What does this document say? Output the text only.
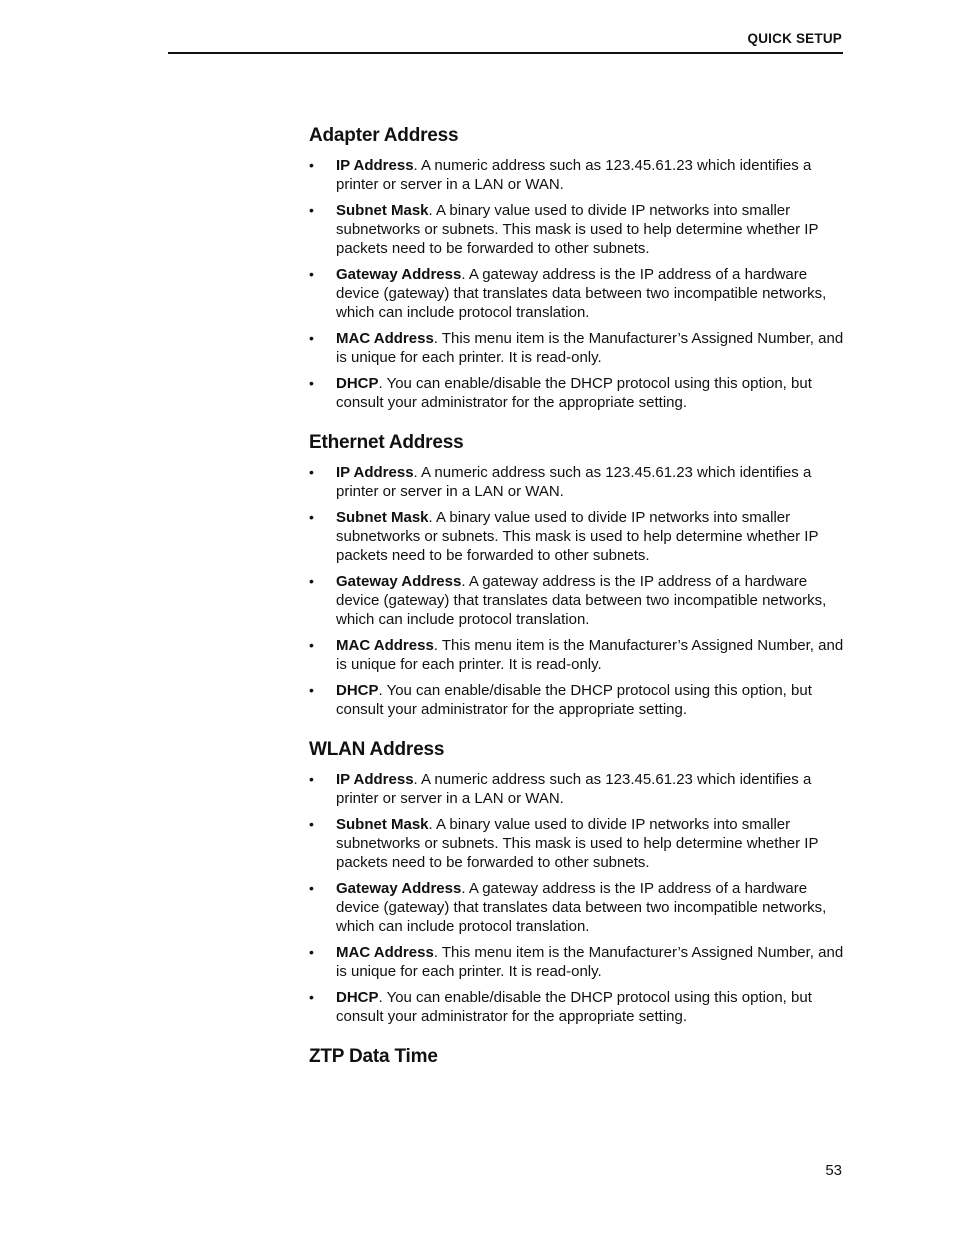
QUICK SETUP
Adapter Address
• IP Address. A numeric address such as 123.45.61.23 which identifies a printer or server in a LAN or WAN.
• Subnet Mask. A binary value used to divide IP networks into smaller subnetworks or subnets. This mask is used to help determine whether IP packets need to be forwarded to other subnets.
• Gateway Address. A gateway address is the IP address of a hardware device (gateway) that translates data between two incompatible networks, which can include protocol translation.
• MAC Address. This menu item is the Manufacturer’s Assigned Number, and is unique for each printer. It is read-only.
• DHCP. You can enable/disable the DHCP protocol using this option, but consult your administrator for the appropriate setting.
Ethernet Address
• IP Address. A numeric address such as 123.45.61.23 which identifies a printer or server in a LAN or WAN.
• Subnet Mask. A binary value used to divide IP networks into smaller subnetworks or subnets. This mask is used to help determine whether IP packets need to be forwarded to other subnets.
• Gateway Address. A gateway address is the IP address of a hardware device (gateway) that translates data between two incompatible networks, which can include protocol translation.
• MAC Address. This menu item is the Manufacturer’s Assigned Number, and is unique for each printer. It is read-only.
• DHCP. You can enable/disable the DHCP protocol using this option, but consult your administrator for the appropriate setting.
WLAN Address
• IP Address. A numeric address such as 123.45.61.23 which identifies a printer or server in a LAN or WAN.
• Subnet Mask. A binary value used to divide IP networks into smaller subnetworks or subnets. This mask is used to help determine whether IP packets need to be forwarded to other subnets.
• Gateway Address. A gateway address is the IP address of a hardware device (gateway) that translates data between two incompatible networks, which can include protocol translation.
• MAC Address. This menu item is the Manufacturer’s Assigned Number, and is unique for each printer. It is read-only.
• DHCP. You can enable/disable the DHCP protocol using this option, but consult your administrator for the appropriate setting.
ZTP Data Time
53
